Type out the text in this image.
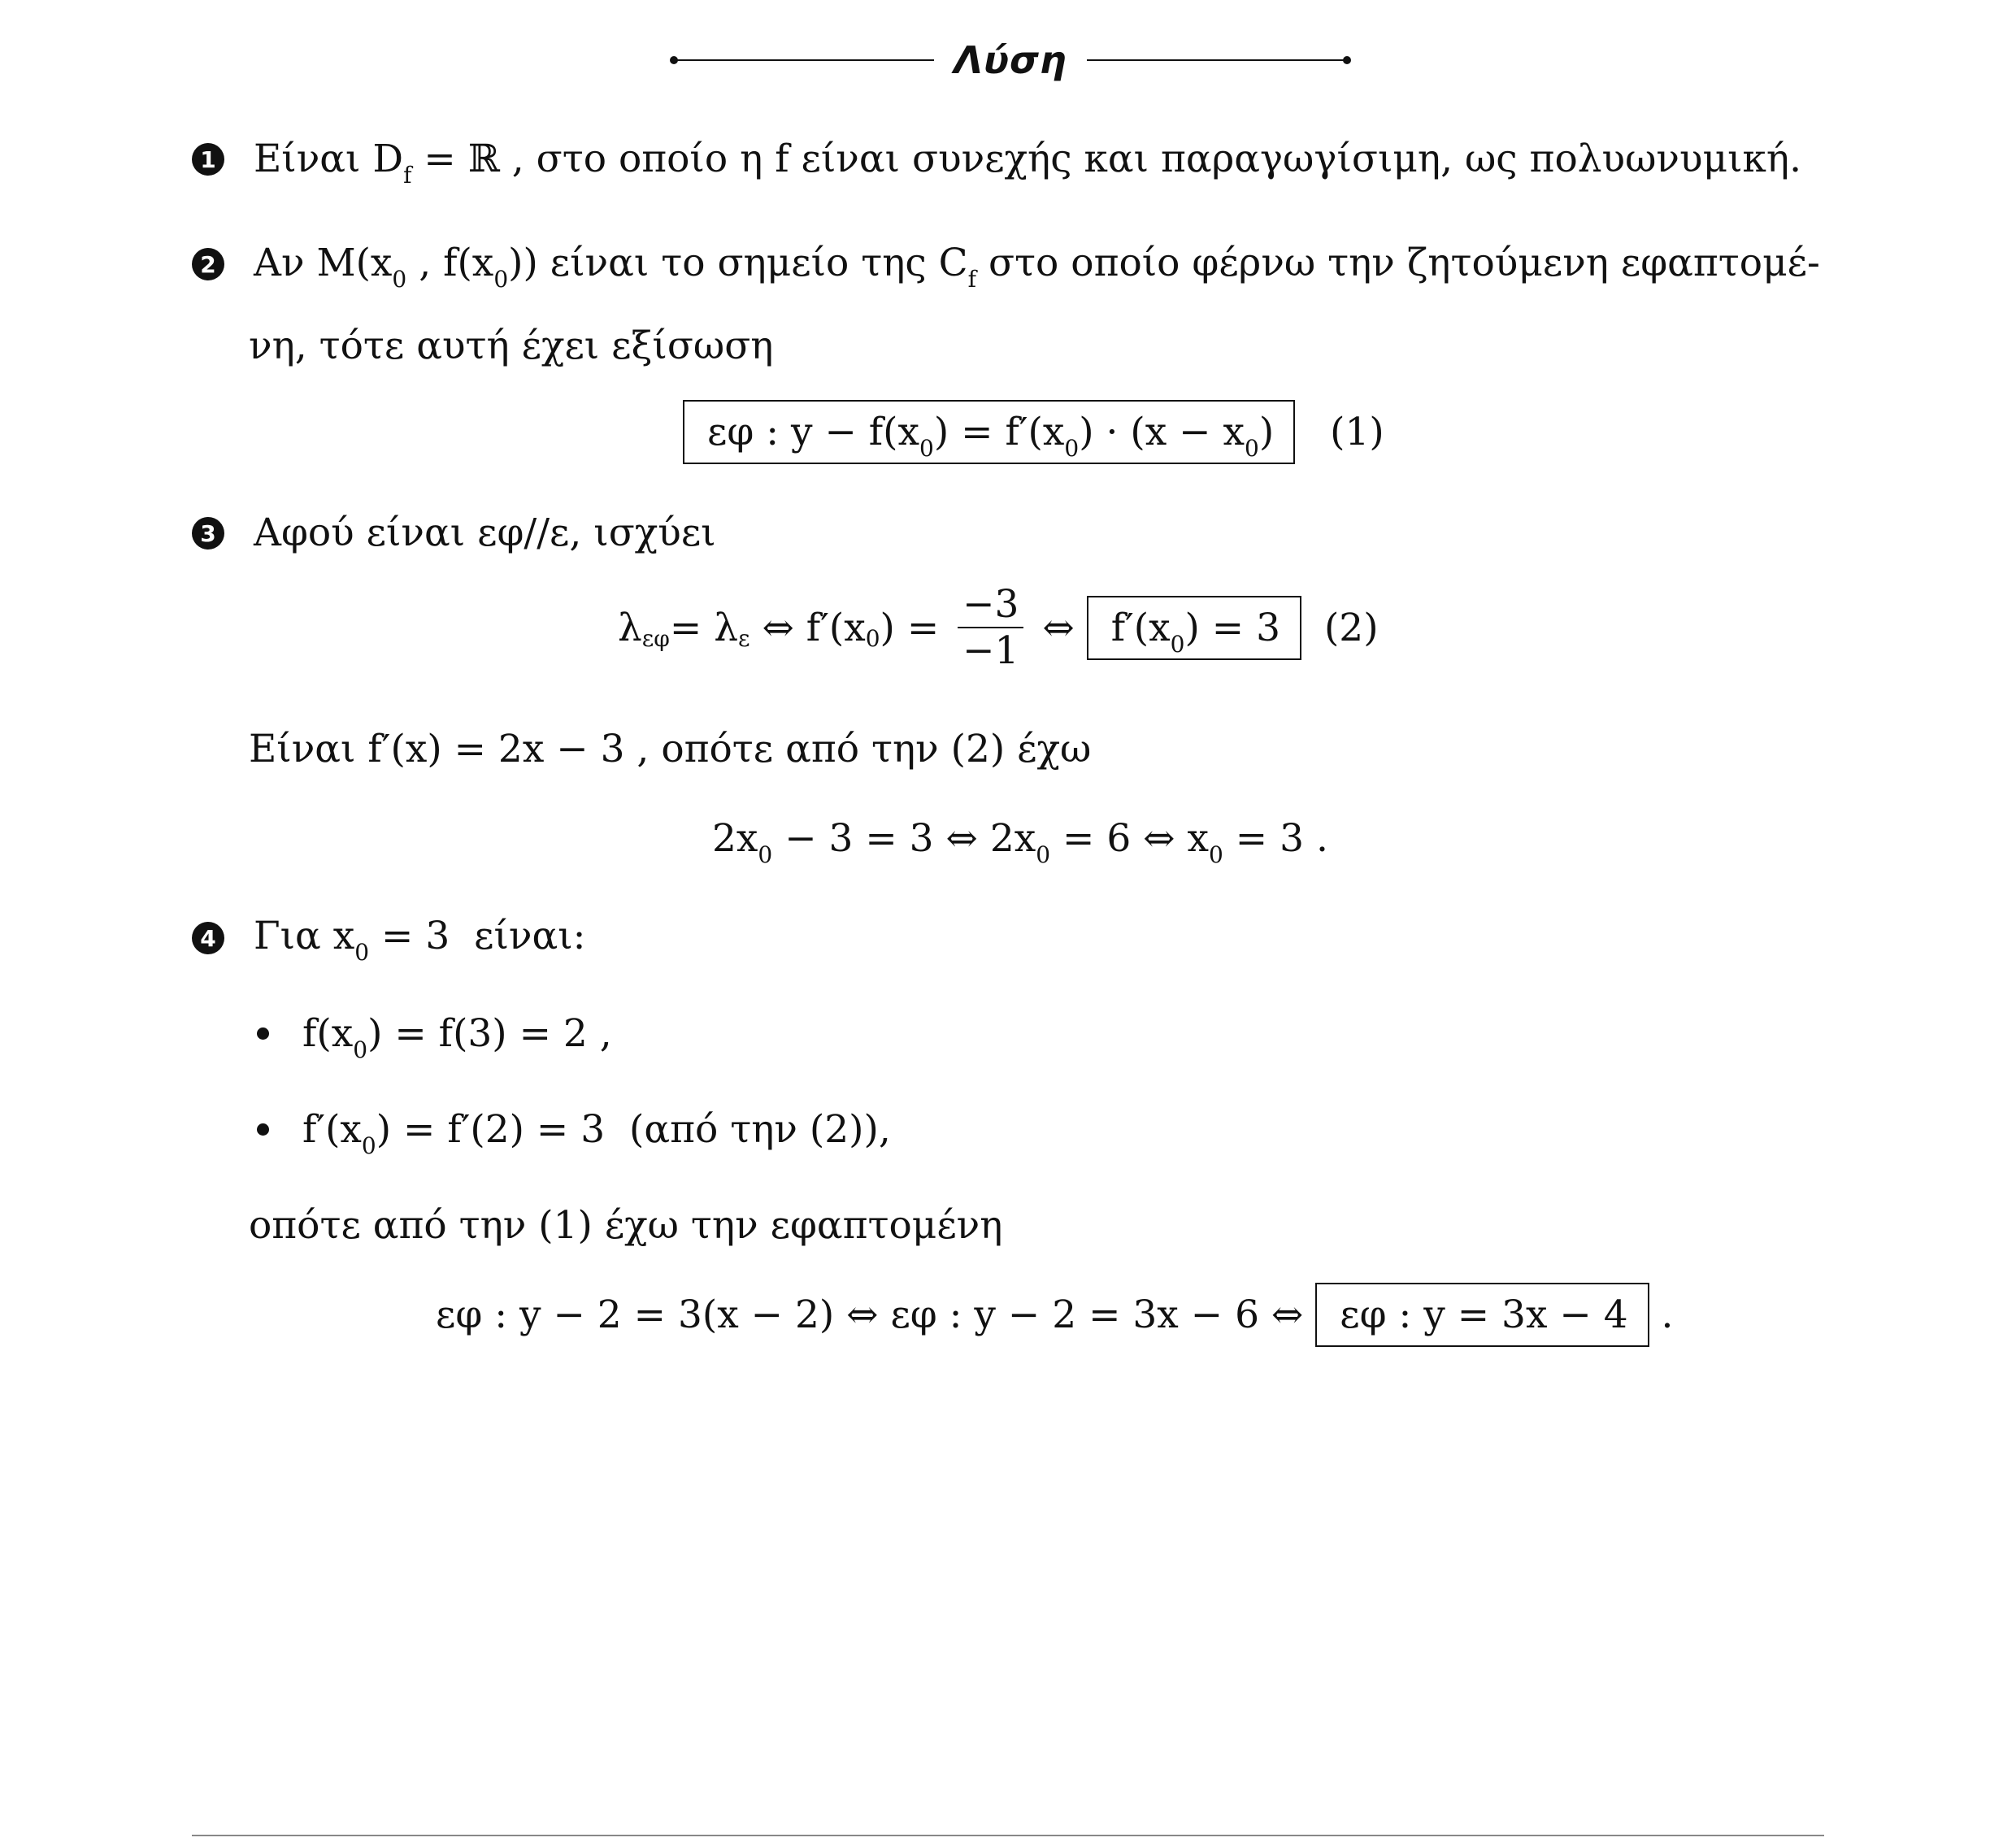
Λύση
1 Είναι $D_f$ = ℝ , στο οποίο η f είναι συνεχής και παραγωγίσιμη, ως πολυωνυμική.
2 Αν $M(x_0$ , $f(x_0)$) είναι το σημείο της $C_f$ στο οποίο φέρνω την ζητούμενη εφαπτομέ-
νη, τότε αυτή έχει εξίσωση
εφ : $y - f(x_0) = f'(x_0) \cdot (x - x_0)$ (1)
3 Αφού είναι εφ//ε, ισχύει
λ εφ = λ ε ⇔ f′(x 0 ) = $\frac{-3}{-1}$ ⇔ $f'(x_0) = 3$	(2)
Είναι f′(x) = 2x − 3 , οπότε από την (2) έχω
$2x_0 - 3 = 3$ ⇔ $2x_0 = 6$ ⇔ $x_0 = 3$ .
4 Για $x_0 = 3$  είναι:
$f(x_0) = f(3) = 2$ ,
$f'(x_0) = f'(2) = 3$  (από την (2)),
οπότε από την (1) έχω την εφαπτομένη
εφ : y − 2 = 3(x − 2) ⇔ εφ : y − 2 = 3x − 6 ⇔ εφ : y = 3x − 4 .
